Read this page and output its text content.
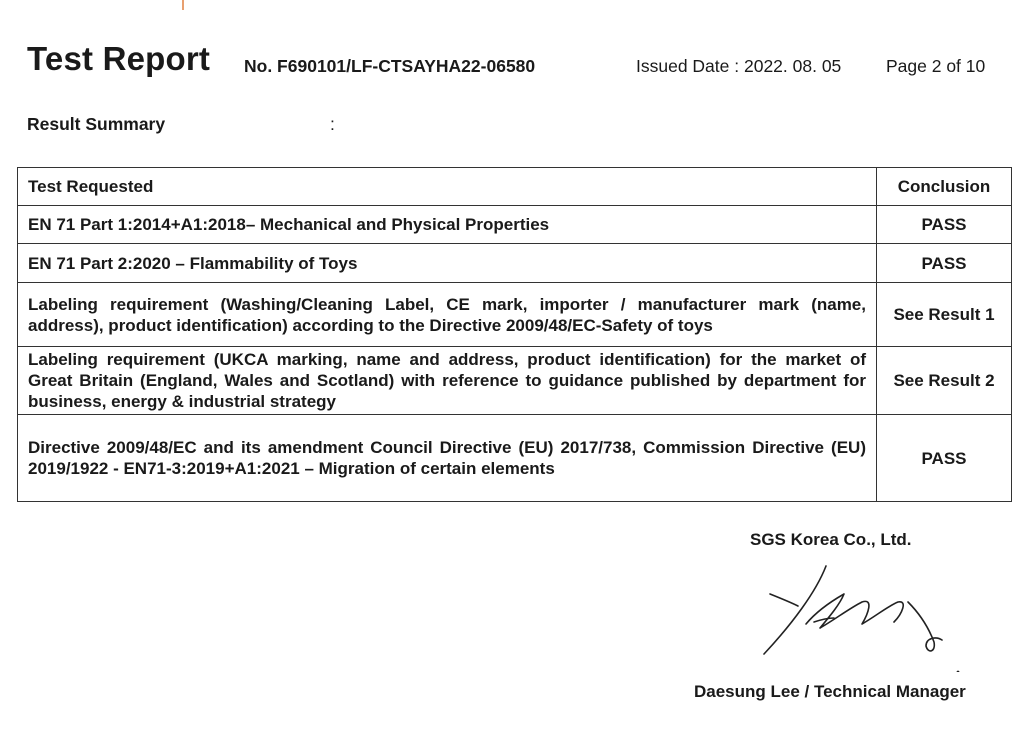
Test Report No. F690101/LF-CTSAYHA22-06580	Issued Date : 2022. 08. 05	Page 2 of 10
Result Summary	:
Test Requested	Conclusion
EN 71 Part 1:2014+A1:2018– Mechanical and Physical Properties	PASS
EN 71 Part 2:2020 – Flammability of Toys	PASS
Labeling requirement (Washing/Cleaning Label, CE mark, importer / manufacturer mark (name, address), product identification) according to the Directive 2009/48/EC-Safety of toys	See Result 1
Labeling requirement (UKCA marking, name and address, product identification) for the market of Great Britain (England, Wales and Scotland) with reference to guidance published by department for business, energy & industrial strategy	See Result 2
Directive 2009/48/EC and its amendment Council Directive (EU) 2017/738, Commission Directive (EU) 2019/1922 - EN71-3:2019+A1:2021 – Migration of certain elements	PASS
SGS Korea Co., Ltd.
Daesung Lee / Technical Manager
